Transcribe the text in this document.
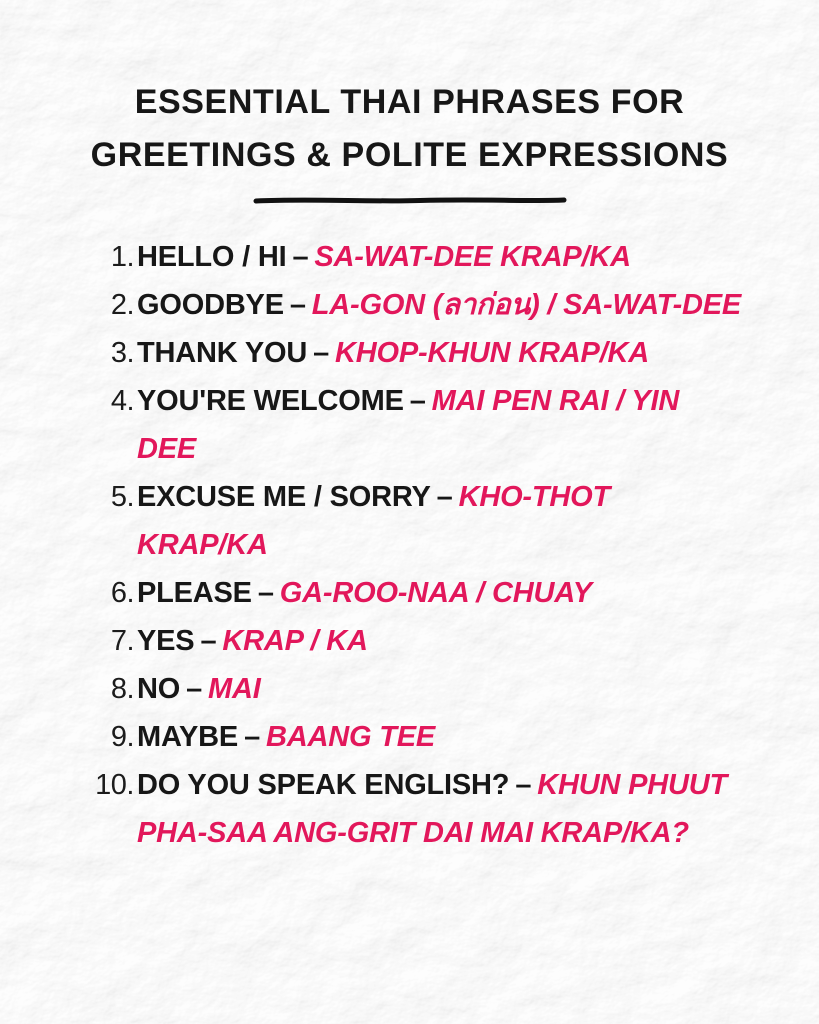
ESSENTIAL THAI PHRASES FOR
GREETINGS & POLITE EXPRESSIONS
1. HELLO / HI – SA-WAT-DEE KRAP/KA
2. GOODBYE – LA-GON (ลาก่อน) / SA-WAT-DEE
3. THANK YOU – KHOP-KHUN KRAP/KA
4. YOU'RE WELCOME – MAI PEN RAI / YIN DEE
5. EXCUSE ME / SORRY – KHO-THOT KRAP/KA
6. PLEASE – GA-ROO-NAA / CHUAY
7. YES – KRAP / KA
8. NO – MAI
9. MAYBE – BAANG TEE
10. DO YOU SPEAK ENGLISH? – KHUN PHUUT PHA-SAA ANG-GRIT DAI MAI KRAP/KA?
